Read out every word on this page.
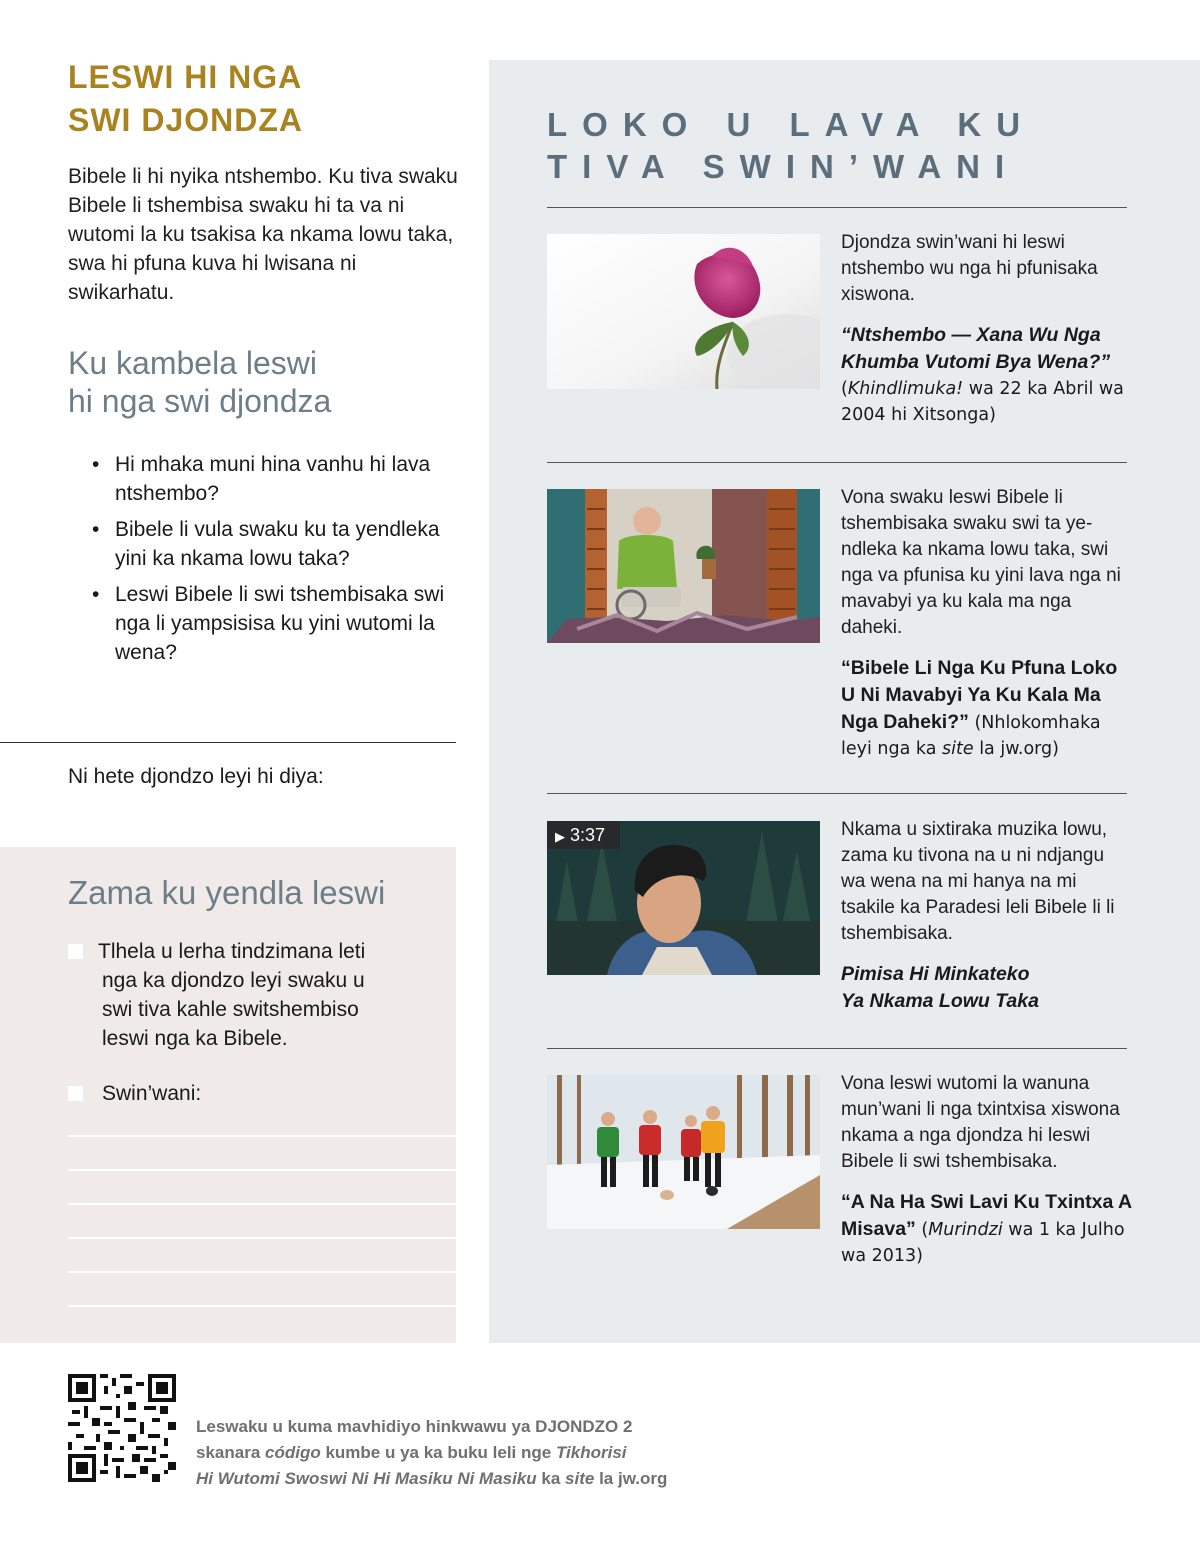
LESWI HI NGA
SWI DJONDZA

Bibele li hi nyika ntshembo. Ku tiva swaku Bibele li tshembisa swaku hi ta va ni wutomi la ku tsakisa ka nkama lowu taka, swa hi pfuna kuva hi lwisana ni swikarhatu.

Ku kambela leswi
hi nga swi djondza
• Hi mhaka muni hina vanhu hi lava ntshembo?
• Bibele li vula swaku ku ta yendleka yini ka nkama lowu taka?
• Leswi Bibele li swi tshembisaka swi nga li yampsisisa ku yini wutomi la wena?
Ni hete djondzo leyi hi diya:
Zama ku yendla leswi
Tlhela u lerha tindzimana leti
nga ka djondzo leyi swaku u
swi tiva kahle switshembiso
leswi nga ka Bibele.
Swin’wani:
LOKO U LAVA KU
TIVA SWIN’WANI

Djondza swin’wani hi leswi ntshembo wu nga hi pfunisaka xiswona.

“Ntshembo — Xana Wu Nga Khumba Vutomi Bya Wena?”
(Khindlimuka! wa 22 ka Abril wa 2004 hi Xitsonga)

Vona swaku leswi Bibele li tshembisaka swaku swi ta yendleka ka nkama lowu taka, swi nga va pfunisa ku yini lava nga ni mavabyi ya ku kala ma nga daheki.

“Bibele Li Nga Ku Pfuna Loko U Ni Mavabyi Ya Ku Kala Ma Nga Daheki?” (Nhlokomhaka leyi nga ka site la jw.org)

▶ 3:37	Nkama u sixtiraka muzika lowu, zama ku tivona na u ni ndjangu wa wena na mi hanya na mi tsakile ka Paradesi leli Bibele li li tshembisaka.

Pimisa Hi Minkateko
Ya Nkama Lowu Taka

Vona leswi wutomi la wanuna mun’wani li nga txintxisa xiswona nkama a nga djondza hi leswi Bibele li swi tshembisaka.

“A Na Ha Swi Lavi Ku Txintxa A Misava” (Murindzi wa 1 ka Julho wa 2013)

Leswaku u kuma mavhidiyo hinkwawu ya DJONDZO 2
skanara código kumbe u ya ka buku leli nge Tikhorisi
Hi Wutomi Swoswi Ni Hi Masiku Ni Masiku ka site la jw.org
